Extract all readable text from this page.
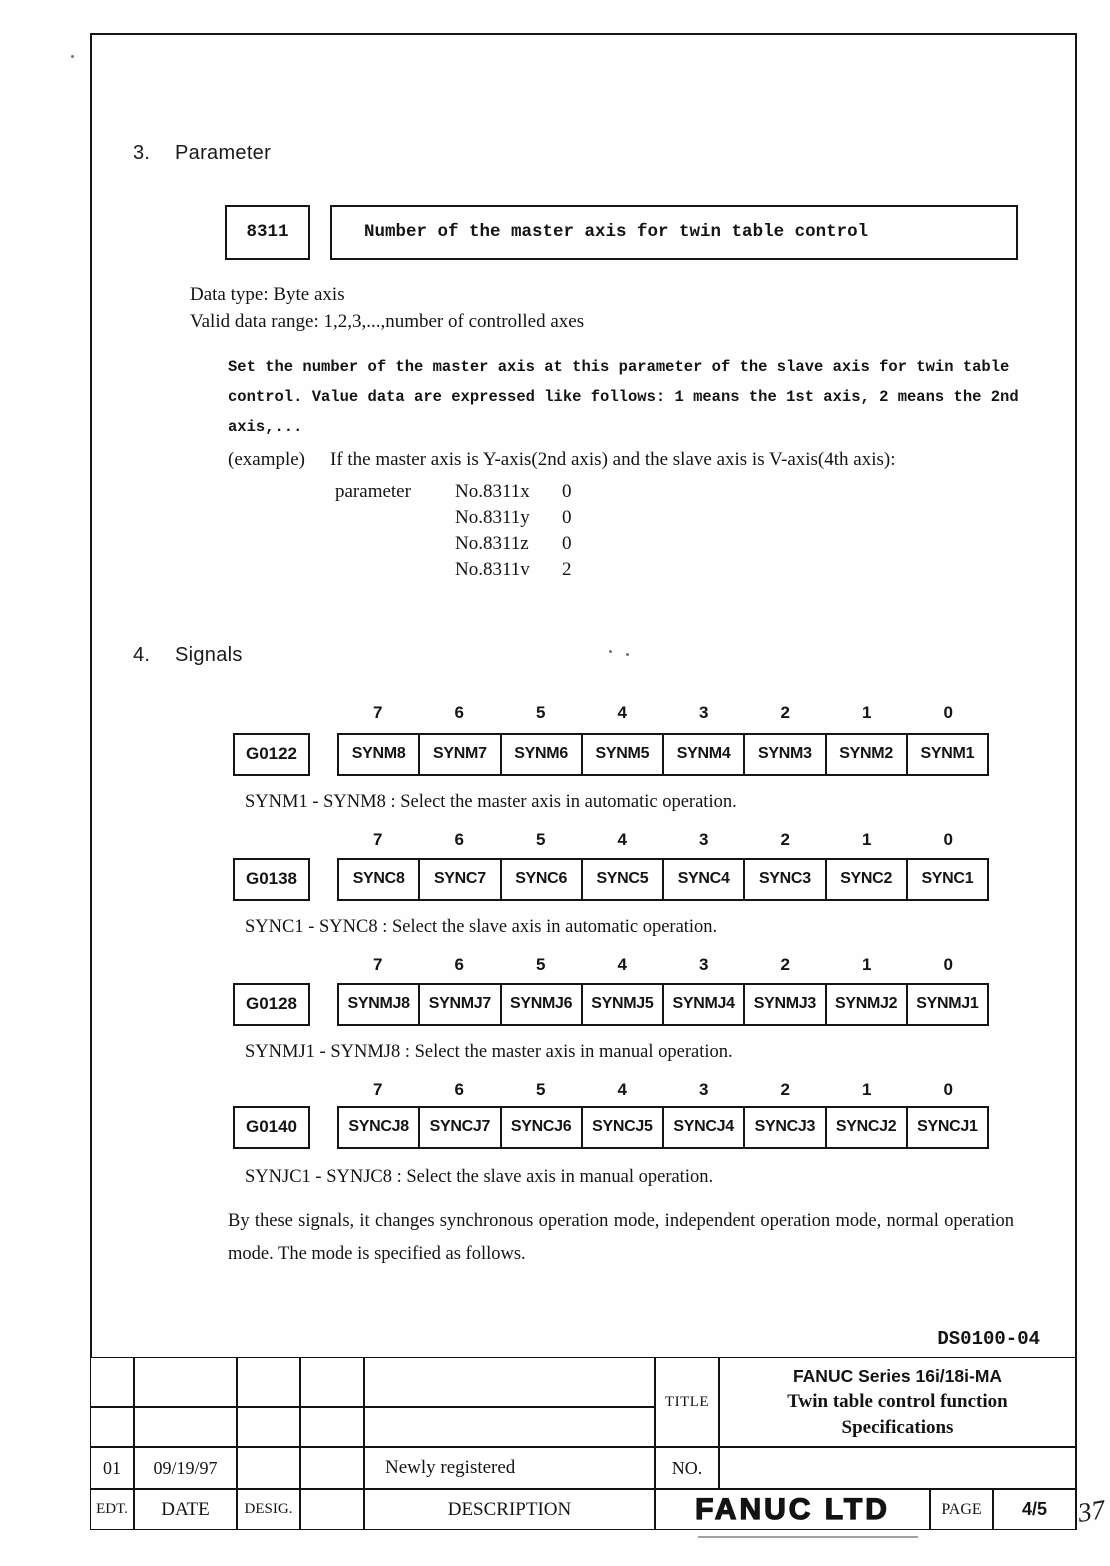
3. Parameter
8311	Number of the master axis for twin table control
Data type: Byte axis
Valid data range: 1,2,3,...,number of controlled axes
Set the number of the master axis at this parameter of the slave axis for twin table
control. Value data are expressed like follows: 1 means the 1st axis, 2 means the 2nd
axis,...
(example) If the master axis is Y-axis(2nd axis) and the slave axis is V-axis(4th axis):
parameter No.8311x 0
No.8311y 0
No.8311z 0
No.8311v 2
4. Signals
7	6	5	4	3	2	1	0
G0122	SYNM8	SYNM7	SYNM6	SYNM5	SYNM4	SYNM3	SYNM2	SYNM1
SYNM1 - SYNM8 : Select the master axis in automatic operation.
7	6	5	4	3	2	1	0
G0138	SYNC8	SYNC7	SYNC6	SYNC5	SYNC4	SYNC3	SYNC2	SYNC1
SYNC1 - SYNC8 : Select the slave axis in automatic operation.
7	6	5	4	3	2	1	0
G0128	SYNMJ8	SYNMJ7	SYNMJ6	SYNMJ5	SYNMJ4	SYNMJ3	SYNMJ2	SYNMJ1
SYNMJ1 - SYNMJ8 : Select the master axis in manual operation.
7	6	5	4	3	2	1	0
G0140	SYNCJ8	SYNCJ7	SYNCJ6	SYNCJ5	SYNCJ4	SYNCJ3	SYNCJ2	SYNCJ1
SYNJC1 - SYNJC8 : Select the slave axis in manual operation.
By these signals, it changes synchronous operation mode, independent operation mode, normal operation mode. The mode is specified as follows.
DS0100-04
TITLE
FANUC Series 16i/18i-MA
Twin table control function
Specifications
01	09/19/97	Newly registered	NO.
EDT.	DATE	DESIG.	DESCRIPTION	FANUC LTD	PAGE	4/5	37
